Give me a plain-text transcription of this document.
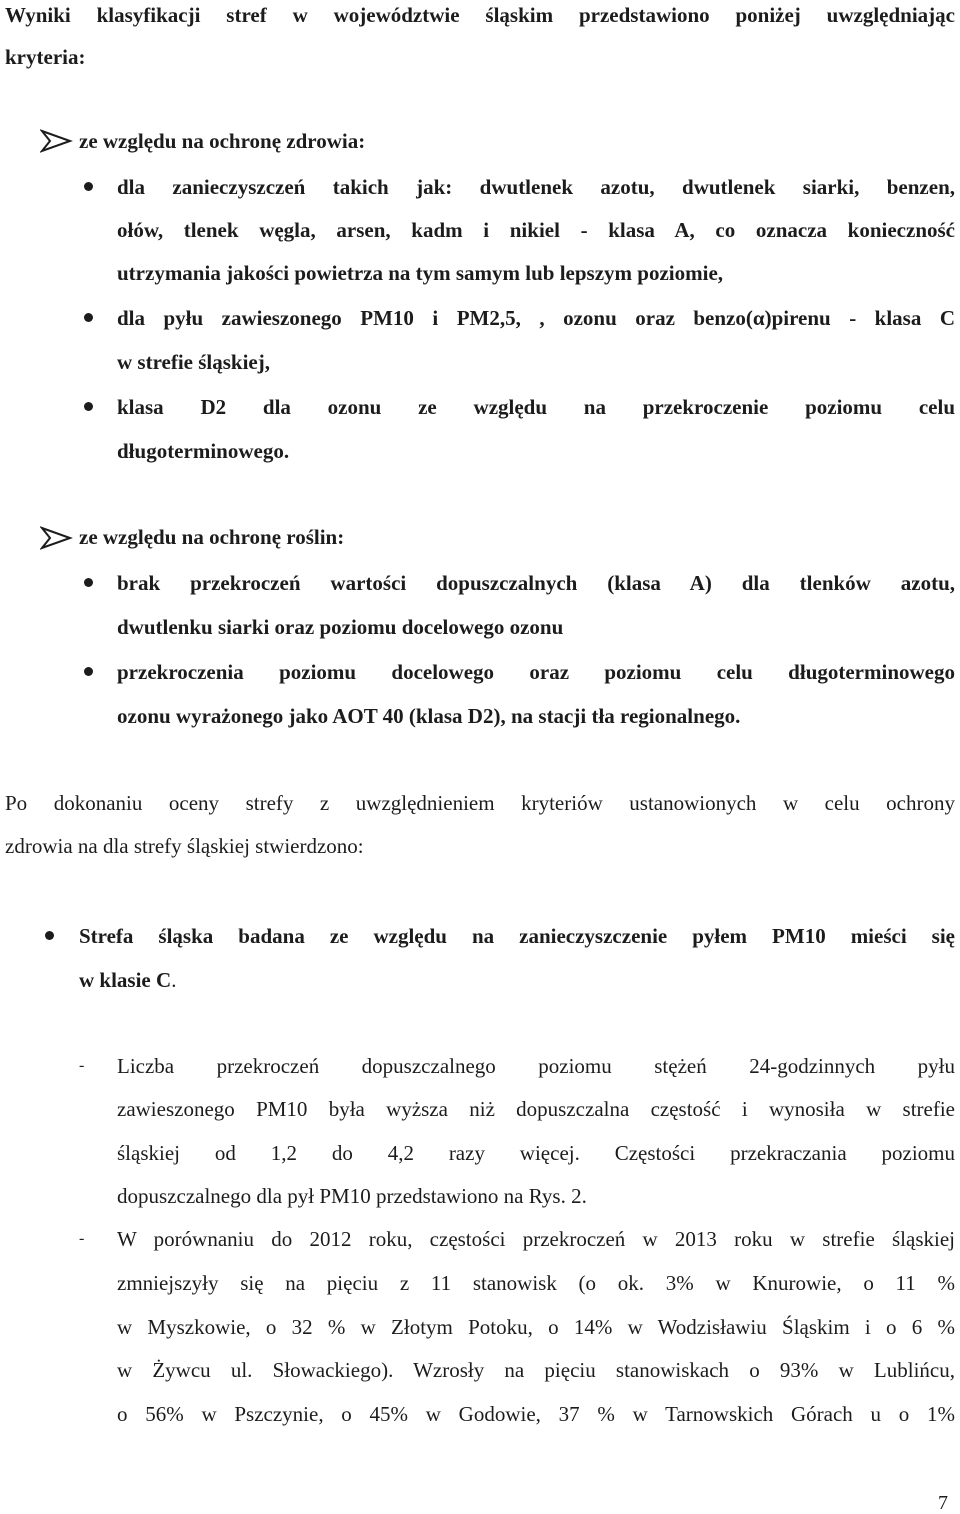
Wyniki klasyfikacji stref w województwie śląskim przedstawiono poniżej uwzględniając
kryteria:
ze względu na ochronę zdrowia:
dla zanieczyszczeń takich jak: dwutlenek azotu, dwutlenek siarki, benzen,
ołów, tlenek węgla, arsen, kadm i nikiel - klasa A, co oznacza konieczność
utrzymania jakości powietrza na tym samym lub lepszym poziomie,
dla pyłu zawieszonego PM10 i PM2,5, , ozonu oraz benzo(α)pirenu - klasa C
w strefie śląskiej,
klasa D2 dla ozonu ze względu na przekroczenie poziomu celu
długoterminowego.
ze względu na ochronę roślin:
brak przekroczeń wartości dopuszczalnych (klasa A) dla tlenków azotu,
dwutlenku siarki oraz poziomu docelowego ozonu
przekroczenia poziomu docelowego oraz poziomu celu długoterminowego
ozonu wyrażonego jako AOT 40 (klasa D2), na stacji tła regionalnego.
Po dokonaniu oceny strefy z uwzględnieniem kryteriów ustanowionych w celu ochrony
zdrowia na dla strefy śląskiej stwierdzono:
Strefa śląska badana ze względu na zanieczyszczenie pyłem PM10 mieści się
w klasie C.
- Liczba przekroczeń dopuszczalnego poziomu stężeń 24-godzinnych pyłu
zawieszonego PM10 była wyższa niż dopuszczalna częstość i wynosiła w strefie
śląskiej od 1,2 do 4,2 razy więcej. Częstości przekraczania poziomu
dopuszczalnego dla pył PM10 przedstawiono na Rys. 2.
- W porównaniu do 2012 roku, częstości przekroczeń w 2013 roku w strefie śląskiej
zmniejszyły się na pięciu z 11 stanowisk (o ok. 3% w Knurowie, o 11 %
w Myszkowie, o 32 % w Złotym Potoku, o 14% w Wodzisławiu Śląskim i o 6 %
w Żywcu ul. Słowackiego). Wzrosły na pięciu stanowiskach o 93% w Lublińcu,
o 56% w Pszczynie, o 45% w Godowie, 37 % w Tarnowskich Górach u o 1%
7
